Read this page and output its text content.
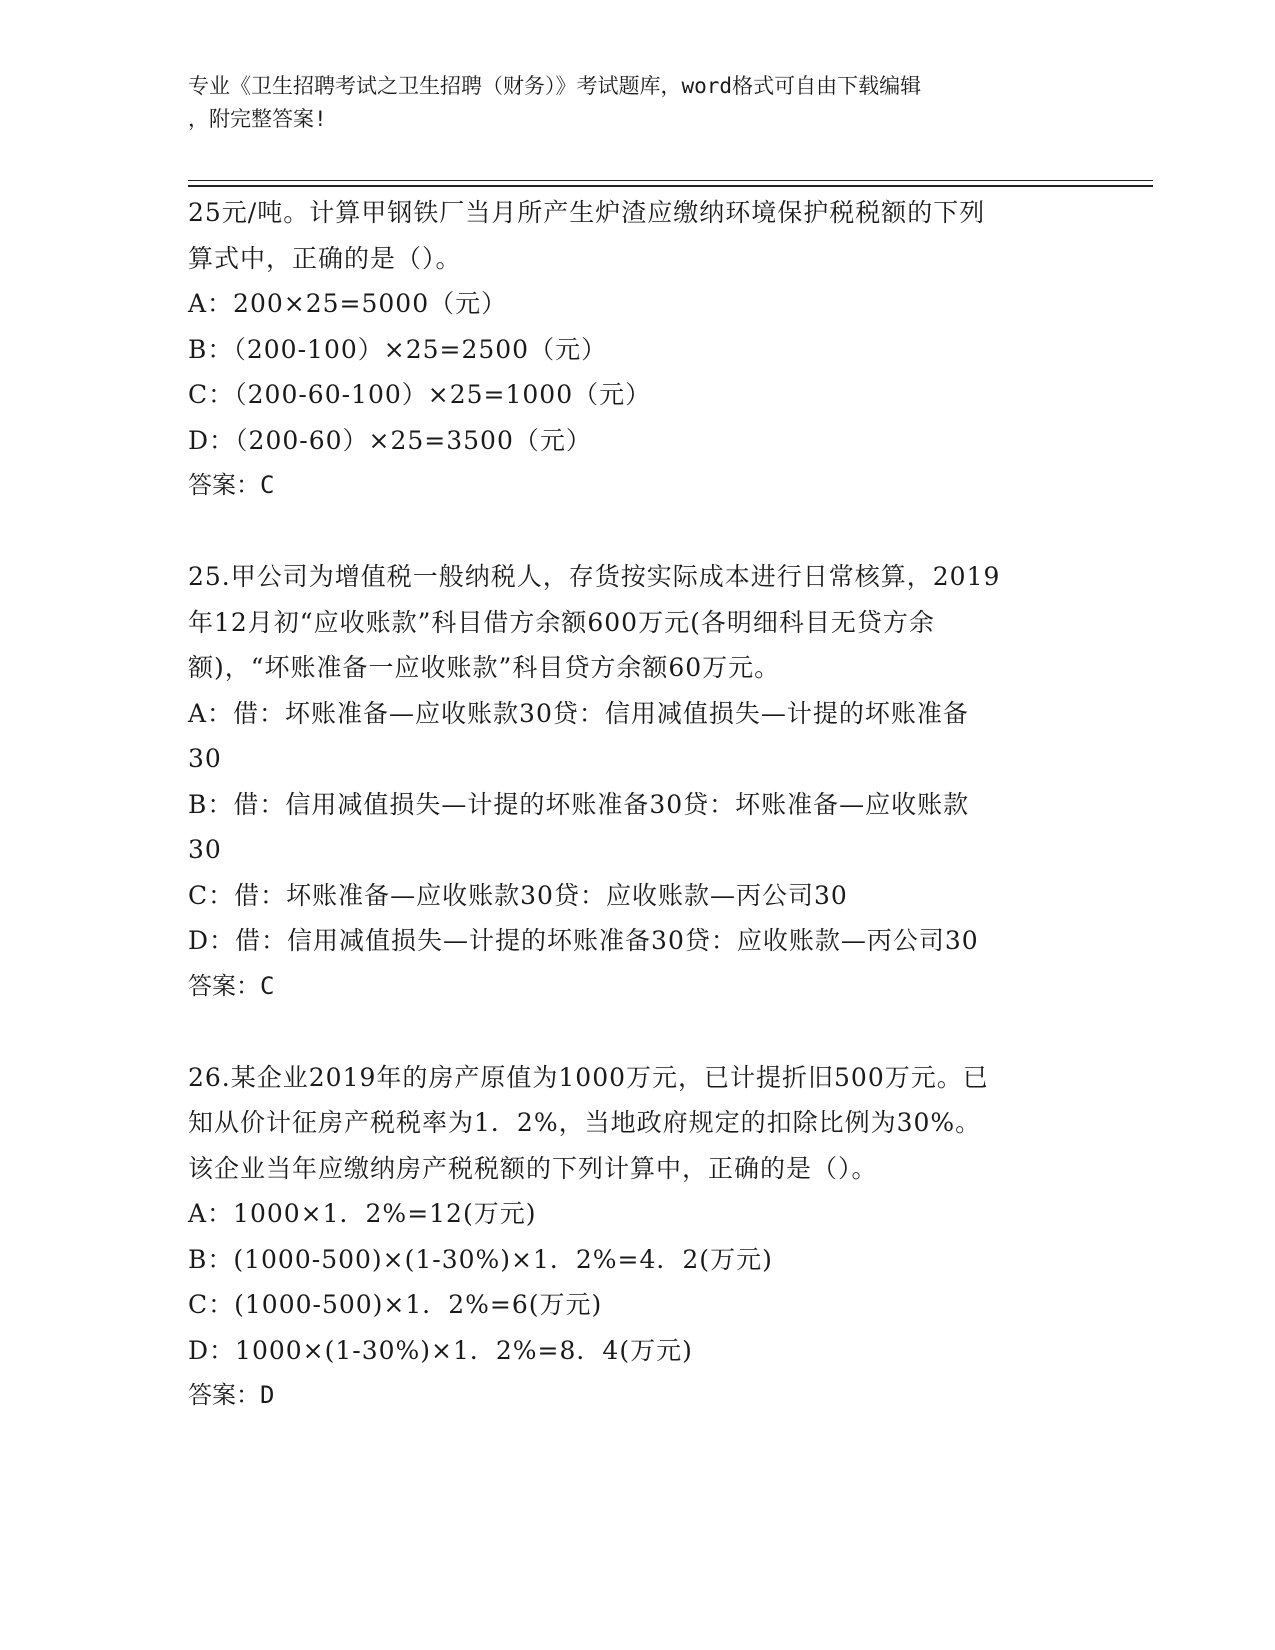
专业《卫生招聘考试之卫生招聘（财务）》考试题库，word格式可自由下载编辑
，附完整答案!
25元/吨。计算甲钢铁厂当月所产生炉渣应缴纳环境保护税税额的下列
算式中，正确的是（）。
A：200×25=5000（元）
B：（200-100）×25=2500（元）
C：（200-60-100）×25=1000（元）
D：（200-60）×25=3500（元）
答案：C
25.甲公司为增值税一般纳税人，存货按实际成本进行日常核算，2019
年12月初“应收账款”科目借方余额600万元(各明细科目无贷方余
额)，“坏账准备一应收账款”科目贷方余额60万元。
A：借：坏账准备—应收账款30贷：信用减值损失—计提的坏账准备
30
B：借：信用减值损失—计提的坏账准备30贷：坏账准备—应收账款
30
C：借：坏账准备—应收账款30贷：应收账款—丙公司30
D：借：信用减值损失—计提的坏账准备30贷：应收账款—丙公司30
答案：C
26.某企业2019年的房产原值为1000万元，已计提折旧500万元。已
知从价计征房产税税率为1．2%，当地政府规定的扣除比例为30%。
该企业当年应缴纳房产税税额的下列计算中，正确的是（）。
A：1000×1．2%=12(万元)
B：(1000-500)×(1-30%)×1．2%=4．2(万元)
C：(1000-500)×1．2%=6(万元)
D：1000×(1-30%)×1．2%=8．4(万元)
答案：D
